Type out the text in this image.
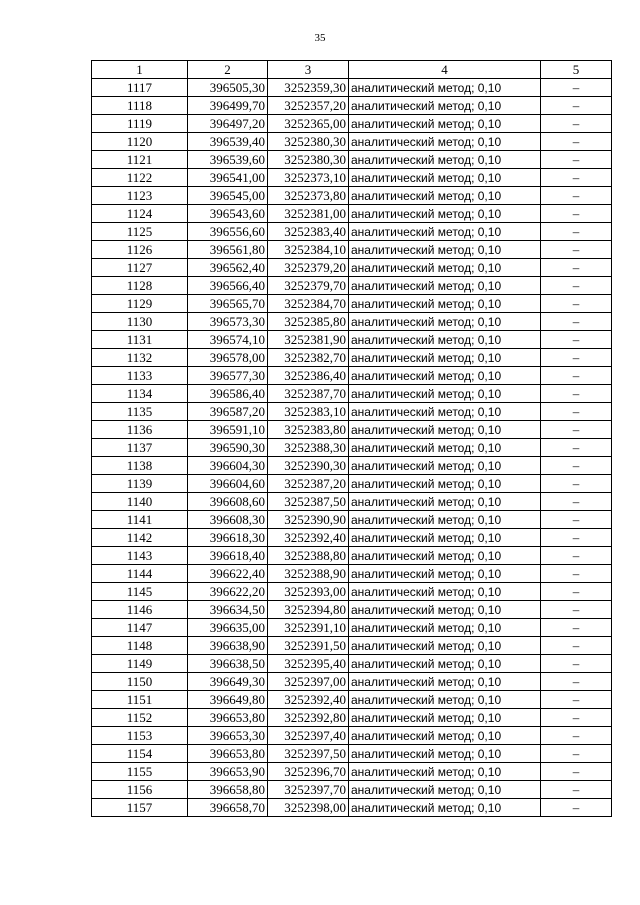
35
1	2	3	4	5
1117	396505,30	3252359,30	аналитический метод; 0,10	–
1118	396499,70	3252357,20	аналитический метод; 0,10	–
1119	396497,20	3252365,00	аналитический метод; 0,10	–
1120	396539,40	3252380,30	аналитический метод; 0,10	–
1121	396539,60	3252380,30	аналитический метод; 0,10	–
1122	396541,00	3252373,10	аналитический метод; 0,10	–
1123	396545,00	3252373,80	аналитический метод; 0,10	–
1124	396543,60	3252381,00	аналитический метод; 0,10	–
1125	396556,60	3252383,40	аналитический метод; 0,10	–
1126	396561,80	3252384,10	аналитический метод; 0,10	–
1127	396562,40	3252379,20	аналитический метод; 0,10	–
1128	396566,40	3252379,70	аналитический метод; 0,10	–
1129	396565,70	3252384,70	аналитический метод; 0,10	–
1130	396573,30	3252385,80	аналитический метод; 0,10	–
1131	396574,10	3252381,90	аналитический метод; 0,10	–
1132	396578,00	3252382,70	аналитический метод; 0,10	–
1133	396577,30	3252386,40	аналитический метод; 0,10	–
1134	396586,40	3252387,70	аналитический метод; 0,10	–
1135	396587,20	3252383,10	аналитический метод; 0,10	–
1136	396591,10	3252383,80	аналитический метод; 0,10	–
1137	396590,30	3252388,30	аналитический метод; 0,10	–
1138	396604,30	3252390,30	аналитический метод; 0,10	–
1139	396604,60	3252387,20	аналитический метод; 0,10	–
1140	396608,60	3252387,50	аналитический метод; 0,10	–
1141	396608,30	3252390,90	аналитический метод; 0,10	–
1142	396618,30	3252392,40	аналитический метод; 0,10	–
1143	396618,40	3252388,80	аналитический метод; 0,10	–
1144	396622,40	3252388,90	аналитический метод; 0,10	–
1145	396622,20	3252393,00	аналитический метод; 0,10	–
1146	396634,50	3252394,80	аналитический метод; 0,10	–
1147	396635,00	3252391,10	аналитический метод; 0,10	–
1148	396638,90	3252391,50	аналитический метод; 0,10	–
1149	396638,50	3252395,40	аналитический метод; 0,10	–
1150	396649,30	3252397,00	аналитический метод; 0,10	–
1151	396649,80	3252392,40	аналитический метод; 0,10	–
1152	396653,80	3252392,80	аналитический метод; 0,10	–
1153	396653,30	3252397,40	аналитический метод; 0,10	–
1154	396653,80	3252397,50	аналитический метод; 0,10	–
1155	396653,90	3252396,70	аналитический метод; 0,10	–
1156	396658,80	3252397,70	аналитический метод; 0,10	–
1157	396658,70	3252398,00	аналитический метод; 0,10	–
